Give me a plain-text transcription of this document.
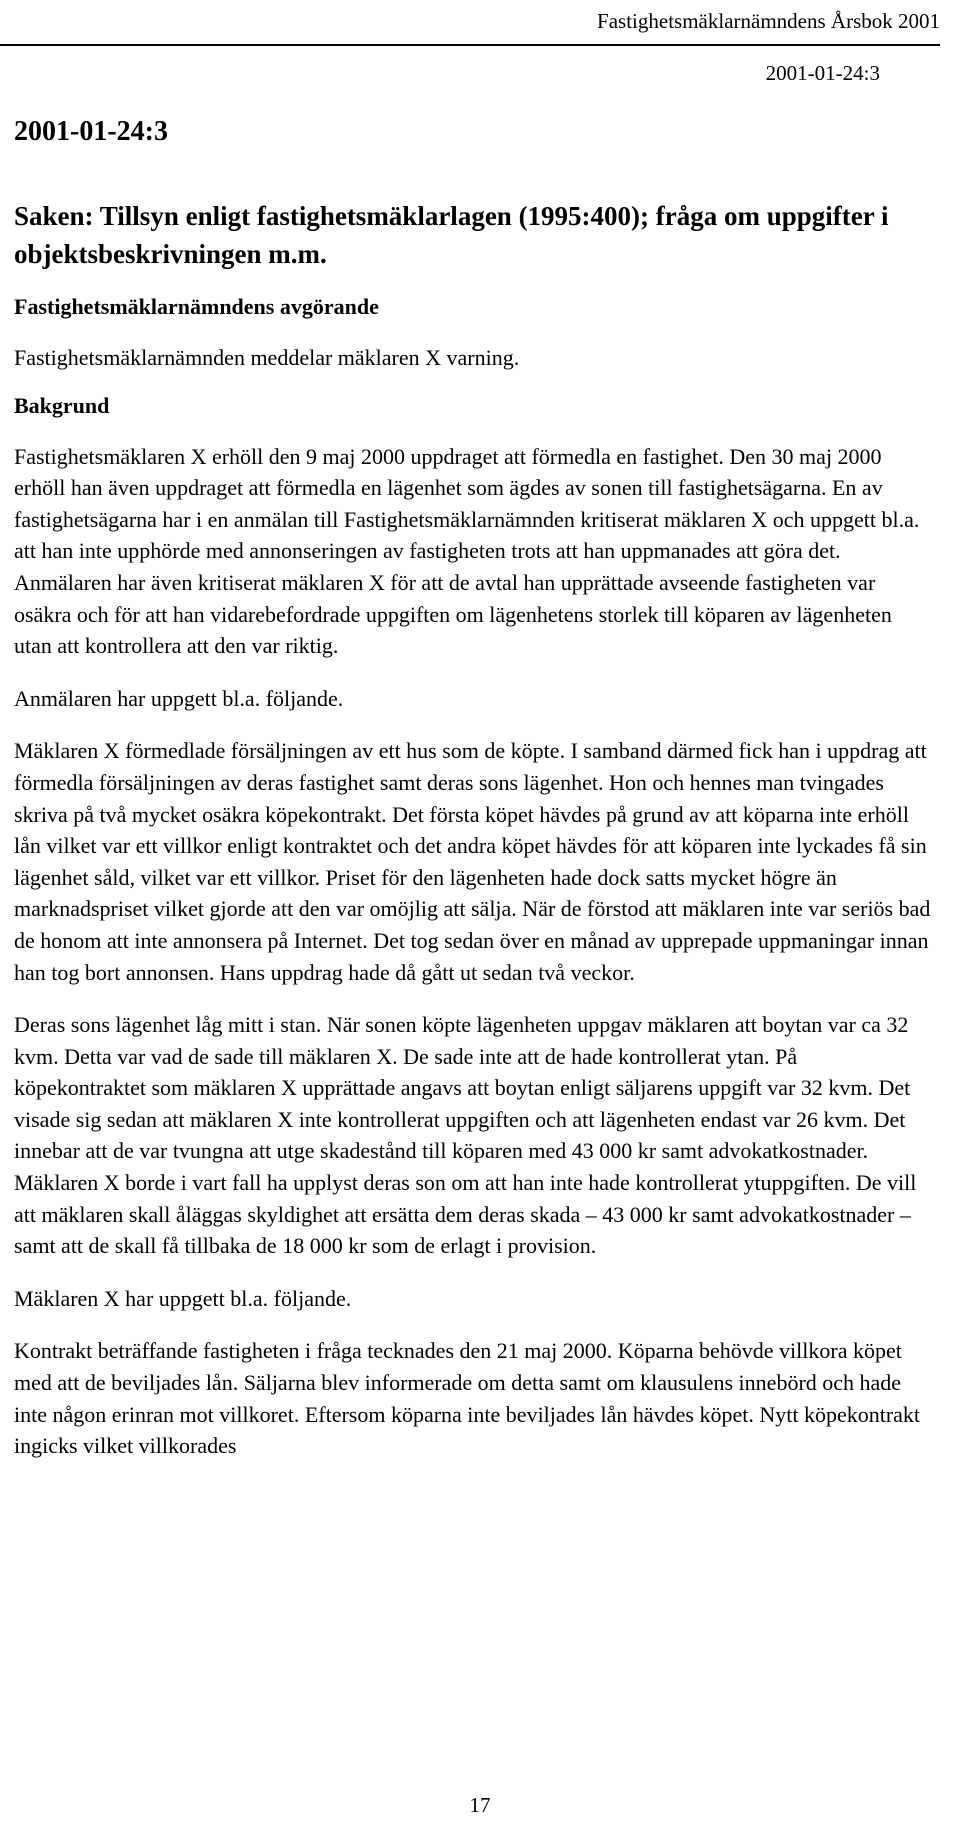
Fastighetsmäklarnämndens Årsbok 2001
2001-01-24:3
2001-01-24:3
Saken: Tillsyn enligt fastighetsmäklarlagen (1995:400); fråga om uppgifter i objektsbeskrivningen m.m.
Fastighetsmäklarnämndens avgörande

Fastighetsmäklarnämnden meddelar mäklaren X varning.

Bakgrund

Fastighetsmäklaren X erhöll den 9 maj 2000 uppdraget att förmedla en fastighet. Den 30 maj 2000 erhöll han även uppdraget att förmedla en lägenhet som ägdes av sonen till fastighetsägarna. En av fastighetsägarna har i en anmälan till Fastighetsmäklarnämnden kritiserat mäklaren X och uppgett bl.a. att han inte upphörde med annonseringen av fastigheten trots att han uppmanades att göra det. Anmälaren har även kritiserat mäklaren X för att de avtal han upprättade avseende fastigheten var osäkra och för att han vidarebefordrade uppgiften om lägenhetens storlek till köparen av lägenheten utan att kontrollera att den var riktig.

Anmälaren har uppgett bl.a. följande.

Mäklaren X förmedlade försäljningen av ett hus som de köpte. I samband därmed fick han i uppdrag att förmedla försäljningen av deras fastighet samt deras sons lägenhet. Hon och hennes man tvingades skriva på två mycket osäkra köpekontrakt. Det första köpet hävdes på grund av att köparna inte erhöll lån vilket var ett villkor enligt kontraktet och det andra köpet hävdes för att köparen inte lyckades få sin lägenhet såld, vilket var ett villkor. Priset för den lägenheten hade dock satts mycket högre än marknadspriset vilket gjorde att den var omöjlig att sälja. När de förstod att mäklaren inte var seriös bad de honom att inte annonsera på Internet. Det tog sedan över en månad av upprepade uppmaningar innan han tog bort annonsen. Hans uppdrag hade då gått ut sedan två veckor.

Deras sons lägenhet låg mitt i stan. När sonen köpte lägenheten uppgav mäklaren att boytan var ca 32 kvm. Detta var vad de sade till mäklaren X. De sade inte att de hade kontrollerat ytan. På köpekontraktet som mäklaren X upprättade angavs att boytan enligt säljarens uppgift var 32 kvm. Det visade sig sedan att mäklaren X inte kontrollerat uppgiften och att lägenheten endast var 26 kvm. Det innebar att de var tvungna att utge skadestånd till köparen med 43 000 kr samt advokatkostnader. Mäklaren X borde i vart fall ha upplyst deras son om att han inte hade kontrollerat ytuppgiften. De vill att mäklaren skall åläggas skyldighet att ersätta dem deras skada – 43 000 kr samt advokatkostnader – samt att de skall få tillbaka de 18 000 kr som de erlagt i provision.

Mäklaren X har uppgett bl.a. följande.

Kontrakt beträffande fastigheten i fråga tecknades den 21 maj 2000. Köparna behövde villkora köpet med att de beviljades lån. Säljarna blev informerade om detta samt om klausulens innebörd och hade inte någon erinran mot villkoret. Eftersom köparna inte beviljades lån hävdes köpet. Nytt köpekontrakt ingicks vilket villkorades

17
